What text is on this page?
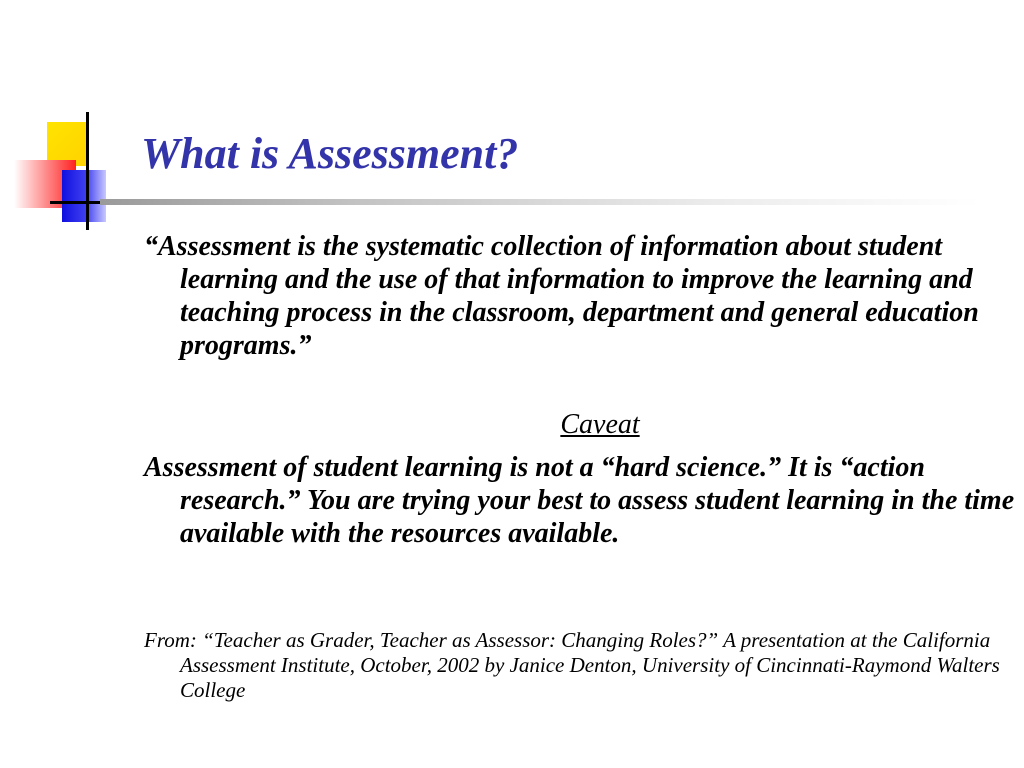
What is Assessment?
“Assessment is the systematic collection of information about student learning and the use of that information to improve the learning and teaching process in the classroom, department and general education programs.”
Caveat
Assessment of student learning is not a “hard science.” It is “action research.” You are trying your best to assess student learning in the time available with the resources available.
From: “Teacher as Grader, Teacher as Assessor: Changing Roles?” A presentation at the California Assessment Institute, October, 2002 by Janice Denton, University of Cincinnati-Raymond Walters College
